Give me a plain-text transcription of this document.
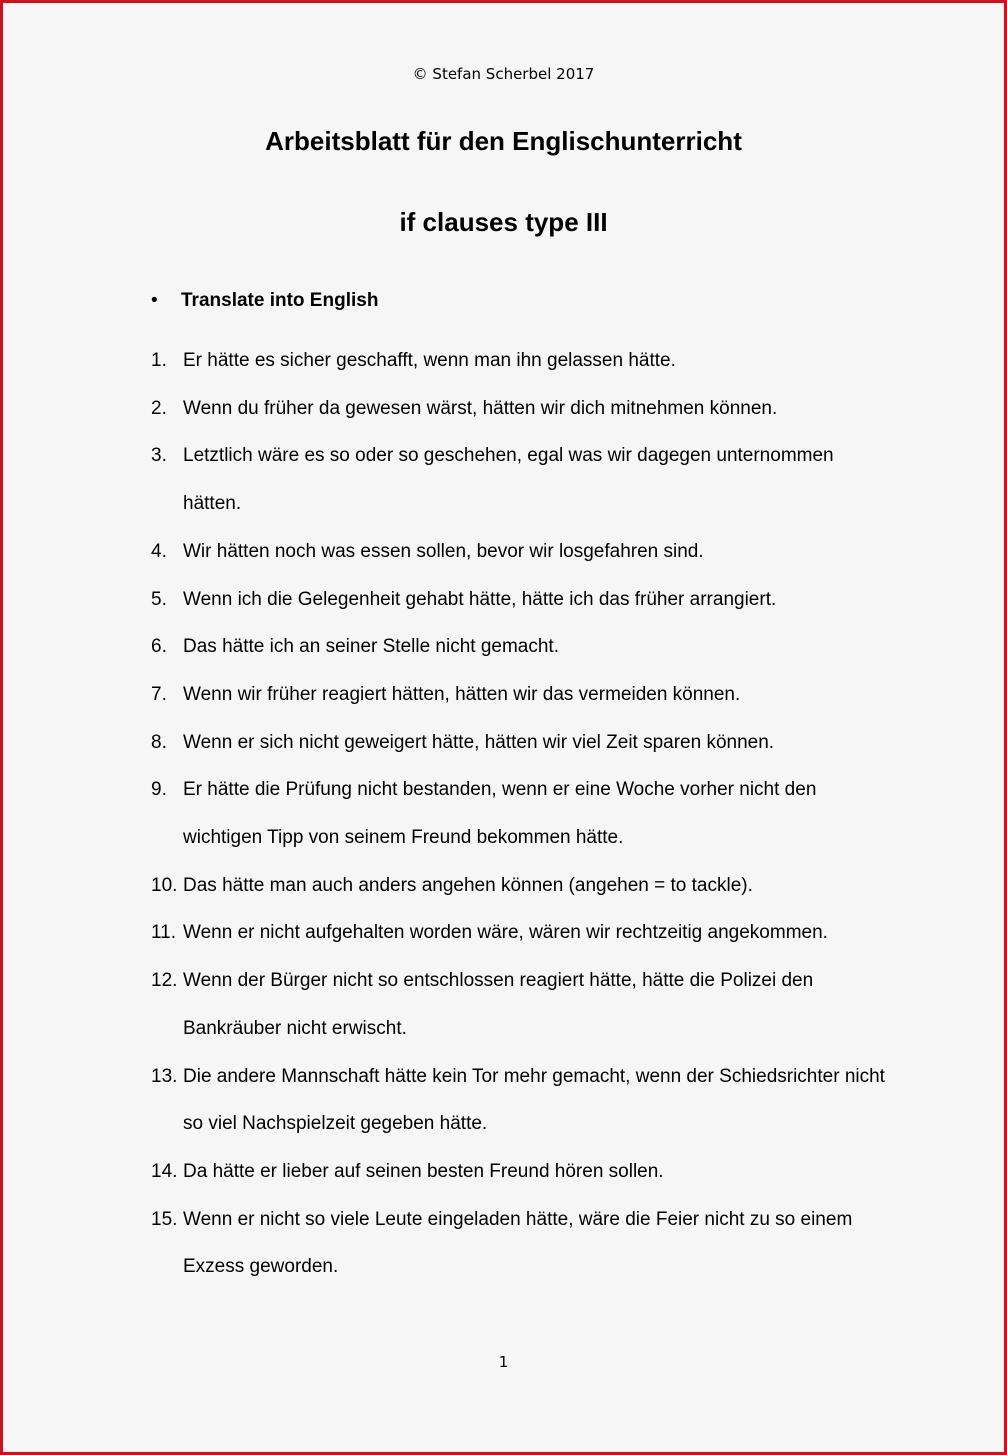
© Stefan Scherbel 2017
Arbeitsblatt für den Englischunterricht
if clauses type III
• Translate into English
1. Er hätte es sicher geschafft, wenn man ihn gelassen hätte.
2. Wenn du früher da gewesen wärst, hätten wir dich mitnehmen können.
3. Letztlich wäre es so oder so geschehen, egal was wir dagegen unternommen hätten.
4. Wir hätten noch was essen sollen, bevor wir losgefahren sind.
5. Wenn ich die Gelegenheit gehabt hätte, hätte ich das früher arrangiert.
6. Das hätte ich an seiner Stelle nicht gemacht.
7. Wenn wir früher reagiert hätten, hätten wir das vermeiden können.
8. Wenn er sich nicht geweigert hätte, hätten wir viel Zeit sparen können.
9. Er hätte die Prüfung nicht bestanden, wenn er eine Woche vorher nicht den wichtigen Tipp von seinem Freund bekommen hätte.
10. Das hätte man auch anders angehen können (angehen = to tackle).
11. Wenn er nicht aufgehalten worden wäre, wären wir rechtzeitig angekommen.
12. Wenn der Bürger nicht so entschlossen reagiert hätte, hätte die Polizei den Bankräuber nicht erwischt.
13. Die andere Mannschaft hätte kein Tor mehr gemacht, wenn der Schiedsrichter nicht so viel Nachspielzeit gegeben hätte.
14. Da hätte er lieber auf seinen besten Freund hören sollen.
15. Wenn er nicht so viele Leute eingeladen hätte, wäre die Feier nicht zu so einem Exzess geworden.
1
